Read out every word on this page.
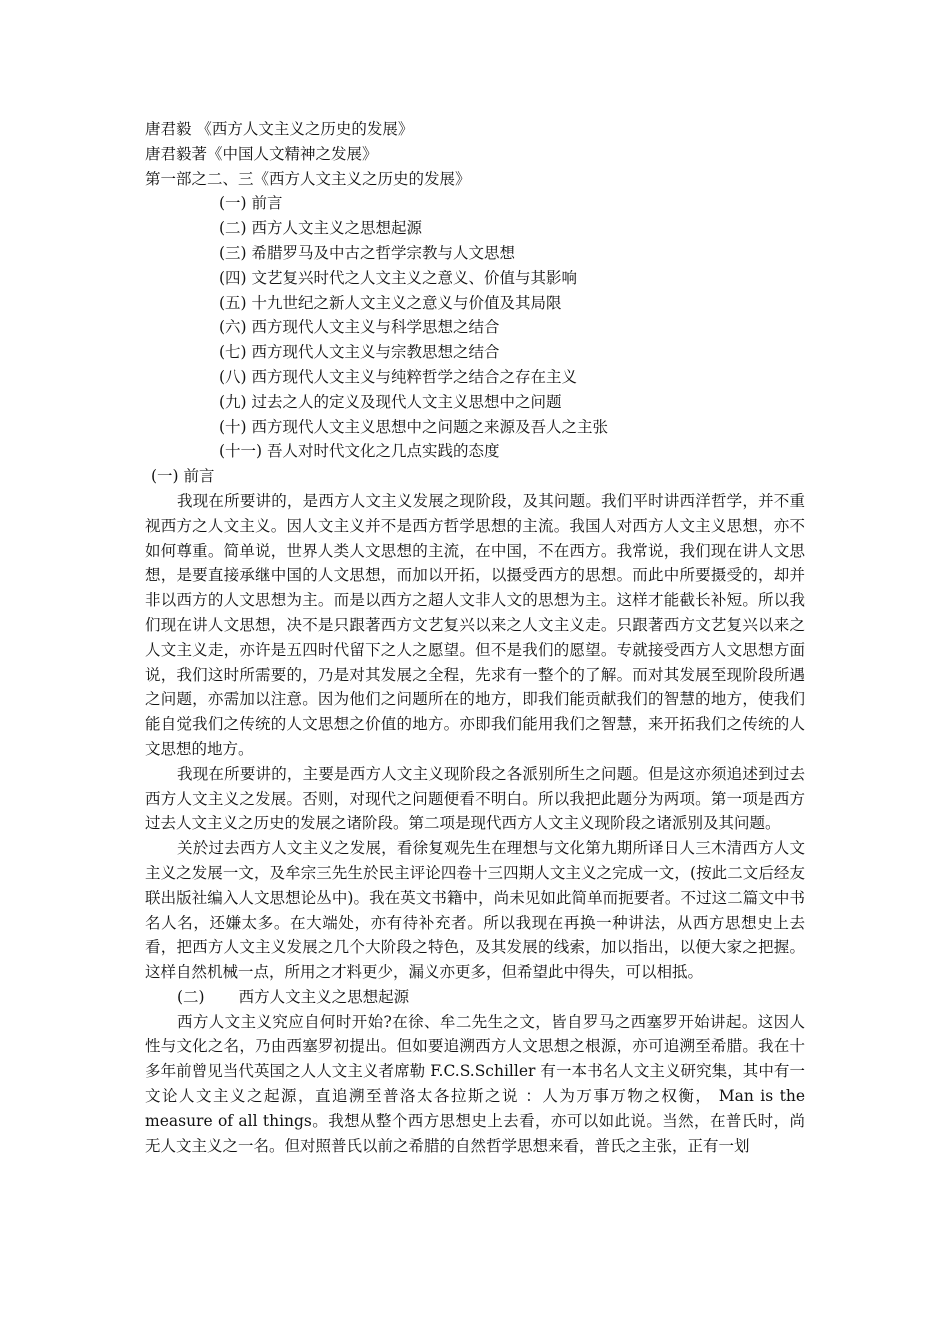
唐君毅 《西方人文主义之历史的发展》
唐君毅著《中国人文精神之发展》
第一部之二、三《西方人文主义之历史的发展》
(一) 前言
(二) 西方人文主义之思想起源
(三) 希腊罗马及中古之哲学宗教与人文思想
(四) 文艺复兴时代之人文主义之意义、价值与其影响
(五) 十九世纪之新人文主义之意义与价值及其局限
(六) 西方现代人文主义与科学思想之结合
(七) 西方现代人文主义与宗教思想之结合
(八) 西方现代人文主义与纯粹哲学之结合之存在主义
(九) 过去之人的定义及现代人文主义思想中之问题
(十) 西方现代人文主义思想中之问题之来源及吾人之主张
(十一) 吾人对时代文化之几点实践的态度
(一) 前言

我现在所要讲的，是西方人文主义发展之现阶段，及其问题。我们平时讲西洋哲学，并不重视西方之人文主义。因人文主义并不是西方哲学思想的主流。我国人对西方人文主义思想，亦不如何尊重。简单说，世界人类人文思想的主流，在中国，不在西方。我常说，我们现在讲人文思想，是要直接承继中国的人文思想，而加以开拓，以摄受西方的思想。而此中所要摄受的，却并非以西方的人文思想为主。而是以西方之超人文非人文的思想为主。这样才能截长补短。所以我们现在讲人文思想，决不是只跟著西方文艺复兴以来之人文主义走。只跟著西方文艺复兴以来之人文主义走，亦许是五四时代留下之人之愿望。但不是我们的愿望。专就接受西方人文思想方面说，我们这时所需要的，乃是对其发展之全程，先求有一整个的了解。而对其发展至现阶段所遇之问题，亦需加以注意。因为他们之问题所在的地方，即我们能贡献我们的智慧的地方，使我们能自觉我们之传统的人文思想之价值的地方。亦即我们能用我们之智慧，来开拓我们之传统的人文思想的地方。

我现在所要讲的，主要是西方人文主义现阶段之各派别所生之问题。但是这亦须追述到过去西方人文主义之发展。否则，对现代之问题便看不明白。所以我把此题分为两项。第一项是西方过去人文主义之历史的发展之诸阶段。第二项是现代西方人文主义现阶段之诸派别及其问题。

关於过去西方人文主义之发展，看徐复观先生在理想与文化第九期所译日人三木清西方人文主义之发展一文，及牟宗三先生於民主评论四卷十三四期人文主义之完成一文，(按此二文后经友联出版社编入人文思想论丛中)。我在英文书籍中，尚未见如此简单而扼要者。不过这二篇文中书名人名，还嫌太多。在大端处，亦有待补充者。所以我现在再换一种讲法，从西方思想史上去看，把西方人文主义发展之几个大阶段之特色，及其发展的线索，加以指出，以便大家之把握。这样自然机械一点，所用之才料更少，漏义亦更多，但希望此中得失，可以相抵。

(二) 西方人文主义之思想起源

西方人文主义究应自何时开始?在徐、牟二先生之文，皆自罗马之西塞罗开始讲起。这因人性与文化之名，乃由西塞罗初提出。但如要追溯西方人文思想之根源，亦可追溯至希腊。我在十多年前曾见当代英国之人人文主义者席勒 F.C.S.Schiller 有一本书名人文主义研究集，其中有一文论人文主义之起源，直追溯至普洛太各拉斯之说 ：人为万事万物之权衡， Man is the measure of all things。我想从整个西方思想史上去看，亦可以如此说。当然，在普氏时，尚无人文主义之一名。但对照普氏以前之希腊的自然哲学思想来看，普氏之主张，正有一划
